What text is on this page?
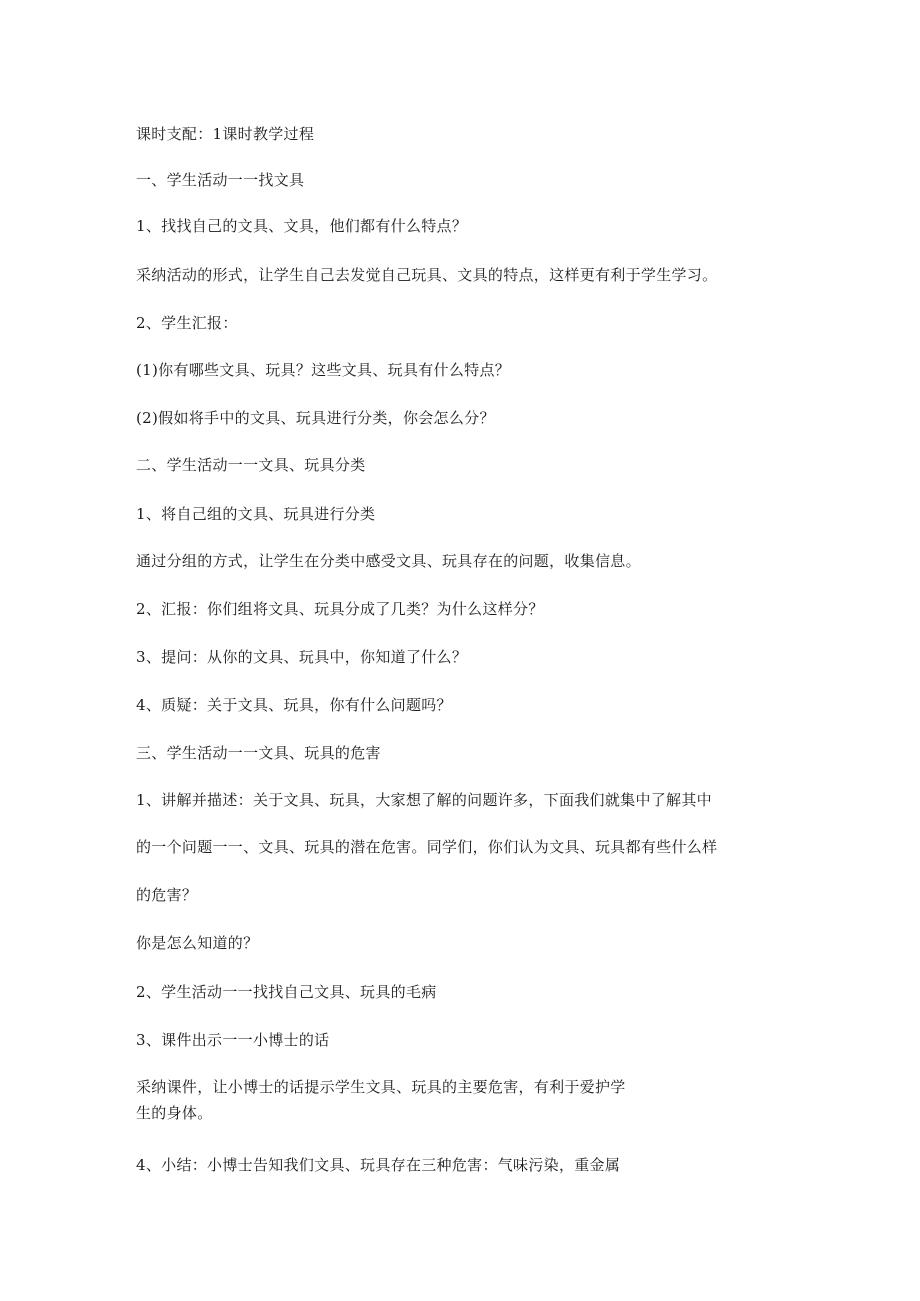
课时支配：1课时教学过程
一、学生活动一一找文具
1、找找自己的文具、文具，他们都有什么特点？
采纳活动的形式，让学生自己去发觉自己玩具、文具的特点，这样更有利于学生学习。
2、学生汇报：
(1)你有哪些文具、玩具？这些文具、玩具有什么特点？
(2)假如将手中的文具、玩具进行分类，你会怎么分？
二、学生活动一一文具、玩具分类
1、将自己组的文具、玩具进行分类
通过分组的方式，让学生在分类中感受文具、玩具存在的问题，收集信息。
2、汇报：你们组将文具、玩具分成了几类？为什么这样分？
3、提问：从你的文具、玩具中，你知道了什么？
4、质疑：关于文具、玩具，你有什么问题吗？
三、学生活动一一文具、玩具的危害
1、讲解并描述：关于文具、玩具，大家想了解的问题许多，下面我们就集中了解其中
的一个问题一一、文具、玩具的潜在危害。同学们，你们认为文具、玩具都有些什么样
的危害？
你是怎么知道的？
2、学生活动一一找找自己文具、玩具的毛病
3、课件出示一一小博士的话
采纳课件，让小博士的话提示学生文具、玩具的主要危害，有利于爱护学
生的身体。
4、小结：小博士告知我们文具、玩具存在三种危害：气味污染，重金属
